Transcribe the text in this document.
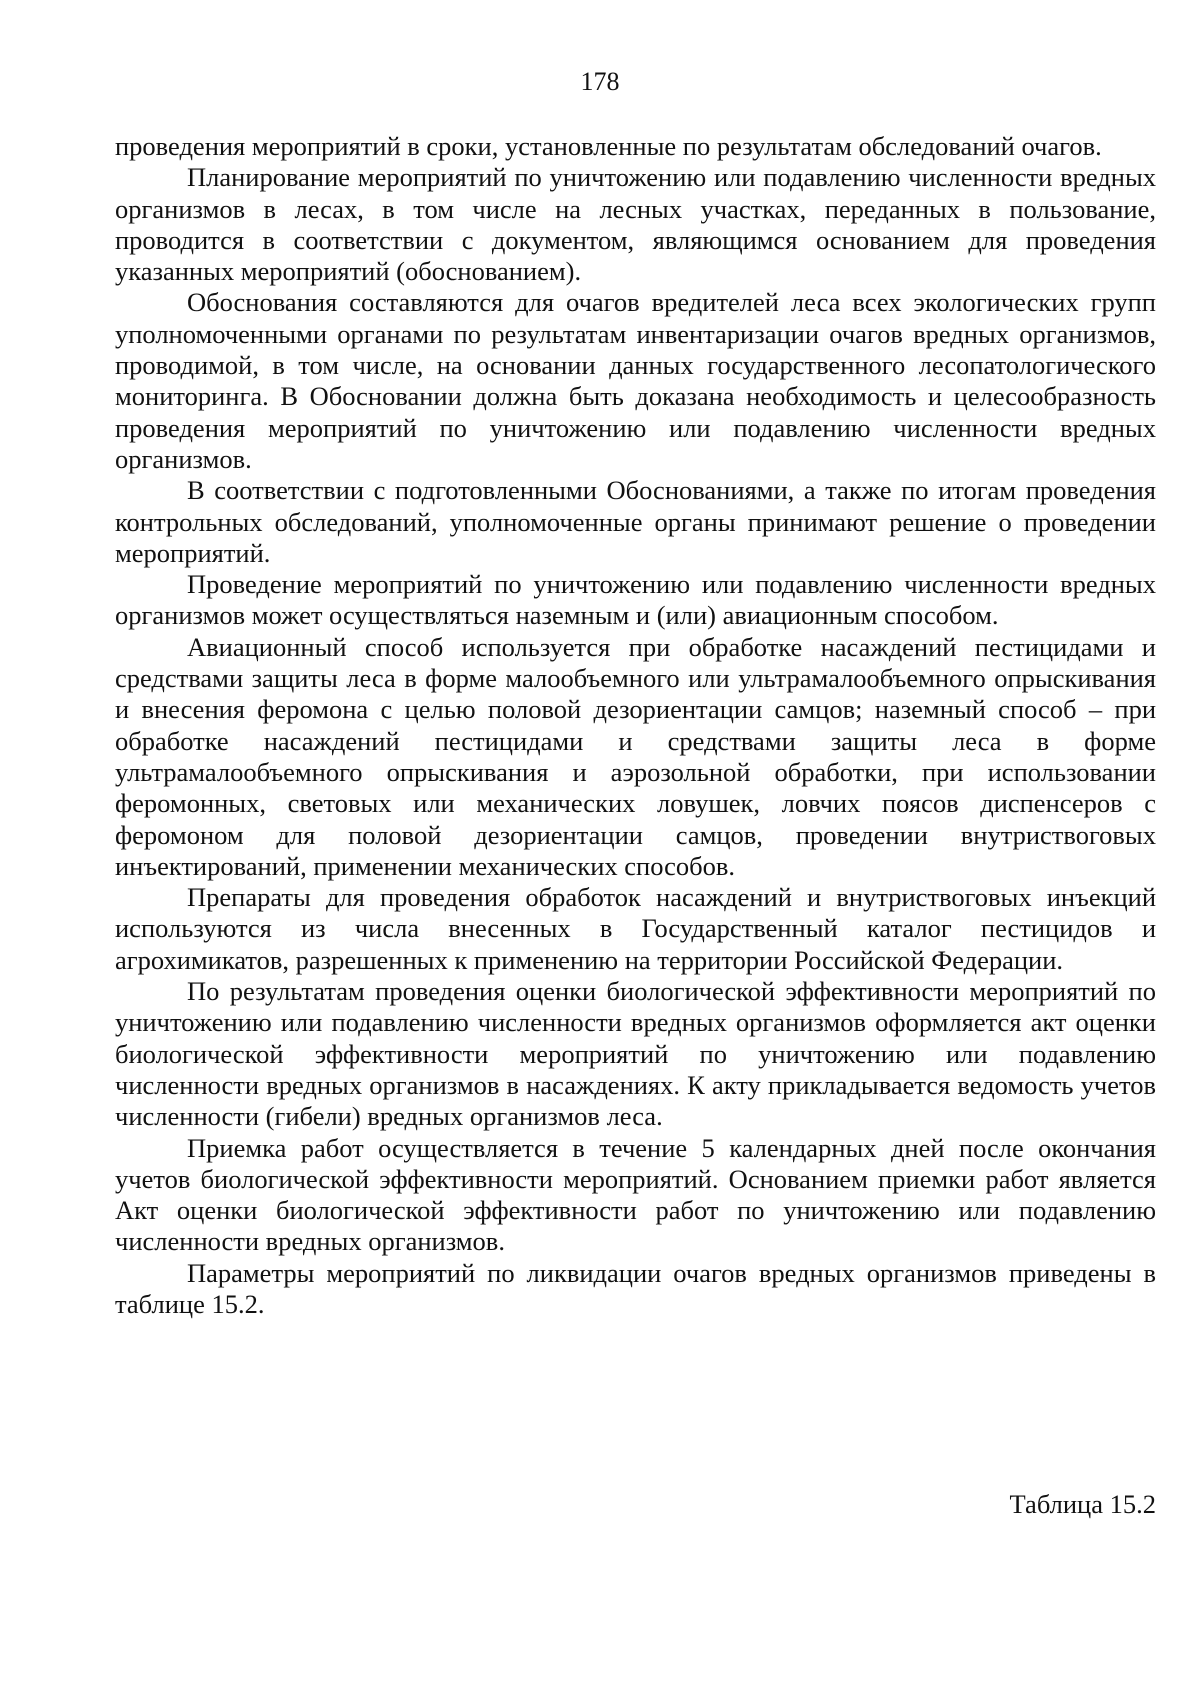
178

проведения мероприятий в сроки, установленные по результатам обследований очагов.

Планирование мероприятий по уничтожению или подавлению численности вредных организмов в лесах, в том числе на лесных участках, переданных в пользование, проводится в соответствии с документом, являющимся основанием для проведения указанных мероприятий (обоснованием).

Обоснования составляются для очагов вредителей леса всех экологических групп уполномоченными органами по результатам инвентаризации очагов вредных организмов, проводимой, в том числе, на основании данных государственного лесопатологического мониторинга. В Обосновании должна быть доказана необходимость и целесообразность проведения мероприятий по уничтожению или подавлению численности вредных организмов.

В соответствии с подготовленными Обоснованиями, а также по итогам проведения контрольных обследований, уполномоченные органы принимают решение о проведении мероприятий.

Проведение мероприятий по уничтожению или подавлению численности вредных организмов может осуществляться наземным и (или) авиационным способом.

Авиационный способ используется при обработке насаждений пестицидами и средствами защиты леса в форме малообъемного или ультрамалообъемного опрыскивания и внесения феромона с целью половой дезориентации самцов; наземный способ – при обработке насаждений пестицидами и средствами защиты леса в форме ультрамалообъемного опрыскивания и аэрозольной обработки, при использовании феромонных, световых или механических ловушек, ловчих поясов диспенсеров с феромоном для половой дезориентации самцов, проведении внутриствоговых инъектирований, применении механических способов.

Препараты для проведения обработок насаждений и внутриствоговых инъекций используются из числа внесенных в Государственный каталог пестицидов и агрохимикатов, разрешенных к применению на территории Российской Федерации.

По результатам проведения оценки биологической эффективности мероприятий по уничтожению или подавлению численности вредных организмов оформляется акт оценки биологической эффективности мероприятий по уничтожению или подавлению численности вредных организмов в насаждениях. К акту прикладывается ведомость учетов численности (гибели) вредных организмов леса.

Приемка работ осуществляется в течение 5 календарных дней после окончания учетов биологической эффективности мероприятий. Основанием приемки работ является Акт оценки биологической эффективности работ по уничтожению или подавлению численности вредных организмов.

Параметры мероприятий по ликвидации очагов вредных организмов приведены в таблице 15.2.

Таблица 15.2
